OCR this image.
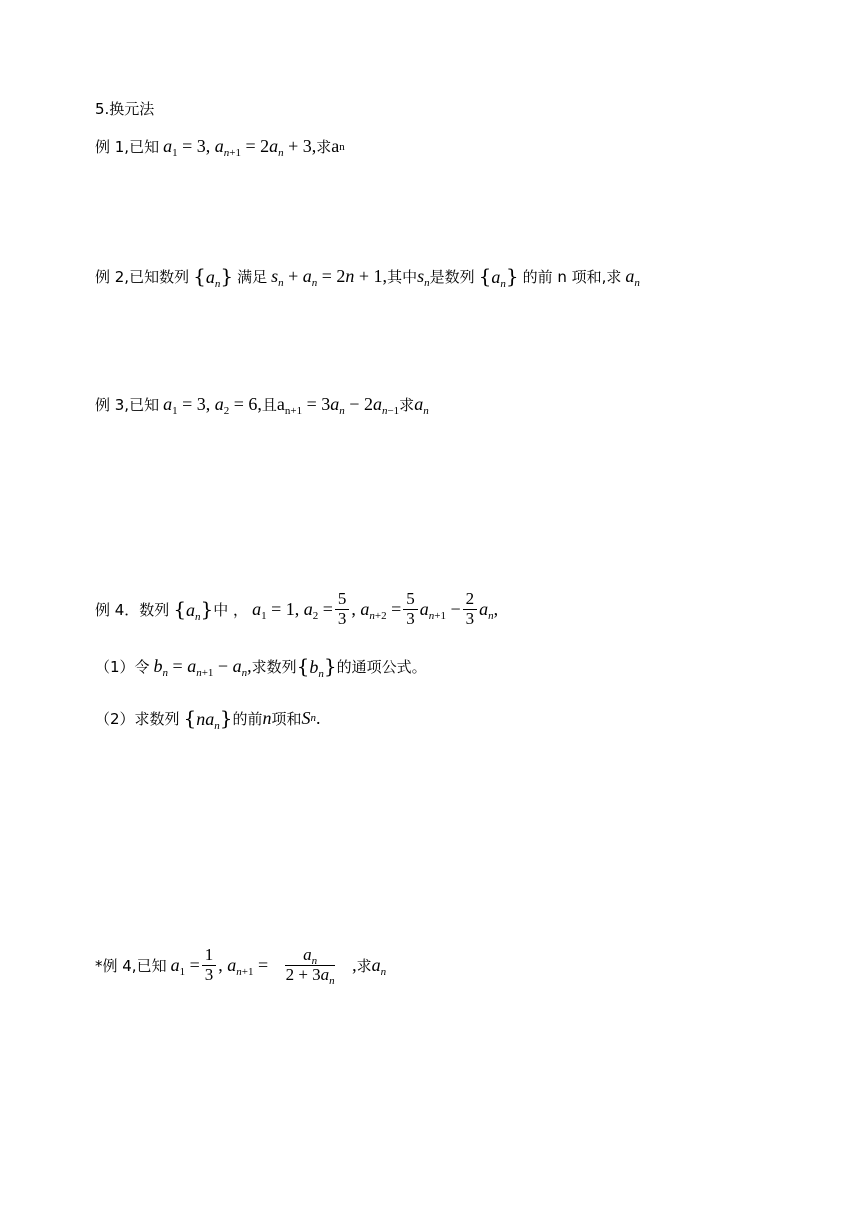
5.换元法
例 1,已知 $a_1 = 3$, $a_{n+1} = 2a_n + 3$, 求 a n
例 2,已知数列 $\{a_n\}$ 满足 $s_n + a_n = 2n + 1$, 其中 $s_n$ 是数列 $\{a_n\}$ 的前 n 项和,求 $a_n$
例 3,已知 $a_1 = 3$, $a_2 = 6$, 且 $a_{n+1} = 3a_n - 2a_{n-1}$ 求 $a_n$
例 4．数列 $\{a_n\}$ 中 ， $a_1 = 1$, $a_2 = \frac{5}{3}$ , $a_{n+2} = \frac{5}{3} a_{n+1} - \frac{2}{3} a_n$,
（1）令 $b_n = a_{n+1} - a_n$, 求数列 $\{b_n\}$ 的通项公式。
（2）求数列 $\{na_n\}$ 的前 n 项和 S n .
*例 4,已知 $a_1 = \frac{1}{3}$ , $a_{n+1} = \frac{a_n}{2 + 3a_n}$ , 求 $a_n$
